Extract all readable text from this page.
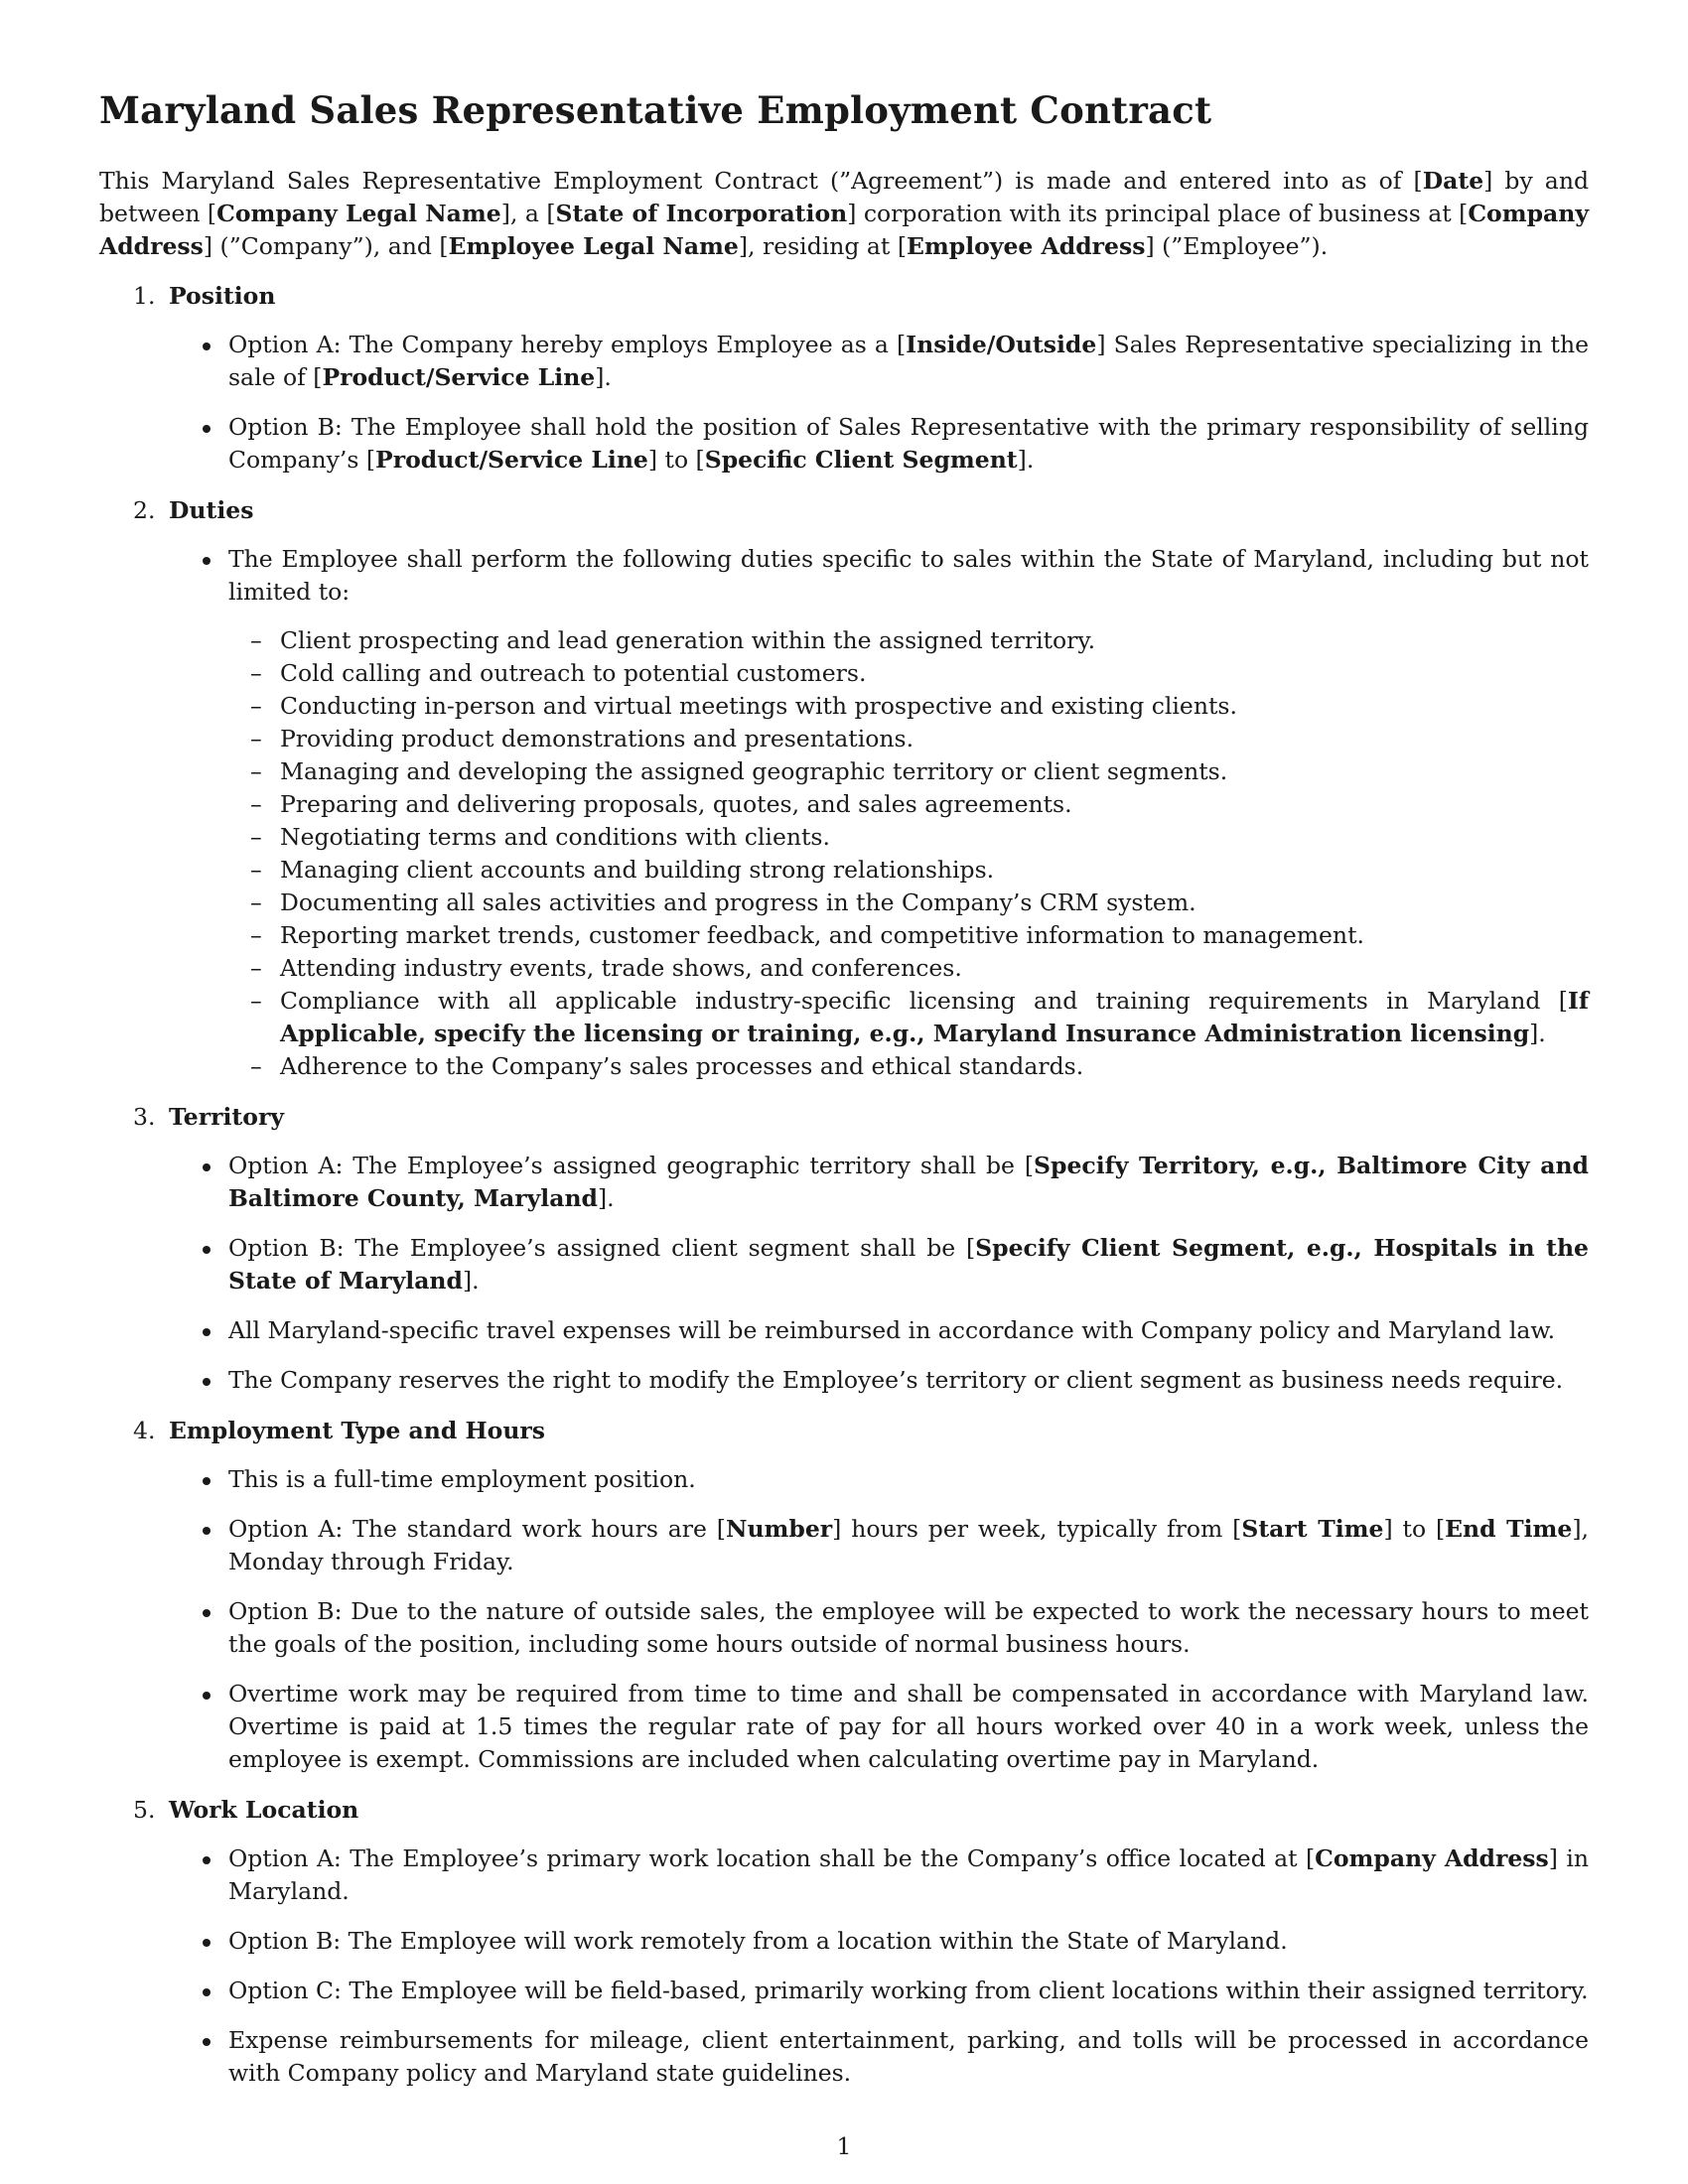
Maryland Sales Representative Employment Contract

This Maryland Sales Representative Employment Contract (”Agreement”) is made and entered into as of [Date] by and between [Company Legal Name], a [State of Incorporation] corporation with its principal place of business at [Company Address] (”Company”), and [Employee Legal Name], residing at [Employee Address] (”Employee”).

1. Position
Option A: The Company hereby employs Employee as a [Inside/Outside] Sales Representative specializing in the sale of [Product/Service Line].
Option B: The Employee shall hold the position of Sales Representative with the primary responsibility of selling Company’s [Product/Service Line] to [Specific Client Segment].
2. Duties
The Employee shall perform the following duties specific to sales within the State of Maryland, including but not limited to:
– Client prospecting and lead generation within the assigned territory.
– Cold calling and outreach to potential customers.
– Conducting in-person and virtual meetings with prospective and existing clients.
– Providing product demonstrations and presentations.
– Managing and developing the assigned geographic territory or client segments.
– Preparing and delivering proposals, quotes, and sales agreements.
– Negotiating terms and conditions with clients.
– Managing client accounts and building strong relationships.
– Documenting all sales activities and progress in the Company’s CRM system.
– Reporting market trends, customer feedback, and competitive information to management.
– Attending industry events, trade shows, and conferences.
– Compliance with all applicable industry-specific licensing and training requirements in Maryland [If Applicable, specify the licensing or training, e.g., Maryland Insurance Administration licensing].
– Adherence to the Company’s sales processes and ethical standards.
3. Territory
Option A: The Employee’s assigned geographic territory shall be [Specify Territory, e.g., Baltimore City and Baltimore County, Maryland].
Option B: The Employee’s assigned client segment shall be [Specify Client Segment, e.g., Hospitals in the State of Maryland].
All Maryland-specific travel expenses will be reimbursed in accordance with Company policy and Maryland law.
The Company reserves the right to modify the Employee’s territory or client segment as business needs require.
4. Employment Type and Hours
This is a full-time employment position.
Option A: The standard work hours are [Number] hours per week, typically from [Start Time] to [End Time], Monday through Friday.
Option B: Due to the nature of outside sales, the employee will be expected to work the necessary hours to meet the goals of the position, including some hours outside of normal business hours.
Overtime work may be required from time to time and shall be compensated in accordance with Maryland law. Overtime is paid at 1.5 times the regular rate of pay for all hours worked over 40 in a work week, unless the employee is exempt. Commissions are included when calculating overtime pay in Maryland.
5. Work Location
Option A: The Employee’s primary work location shall be the Company’s office located at [Company Address] in Maryland.
Option B: The Employee will work remotely from a location within the State of Maryland.
Option C: The Employee will be field-based, primarily working from client locations within their assigned territory.
Expense reimbursements for mileage, client entertainment, parking, and tolls will be processed in accordance with Company policy and Maryland state guidelines.
1
